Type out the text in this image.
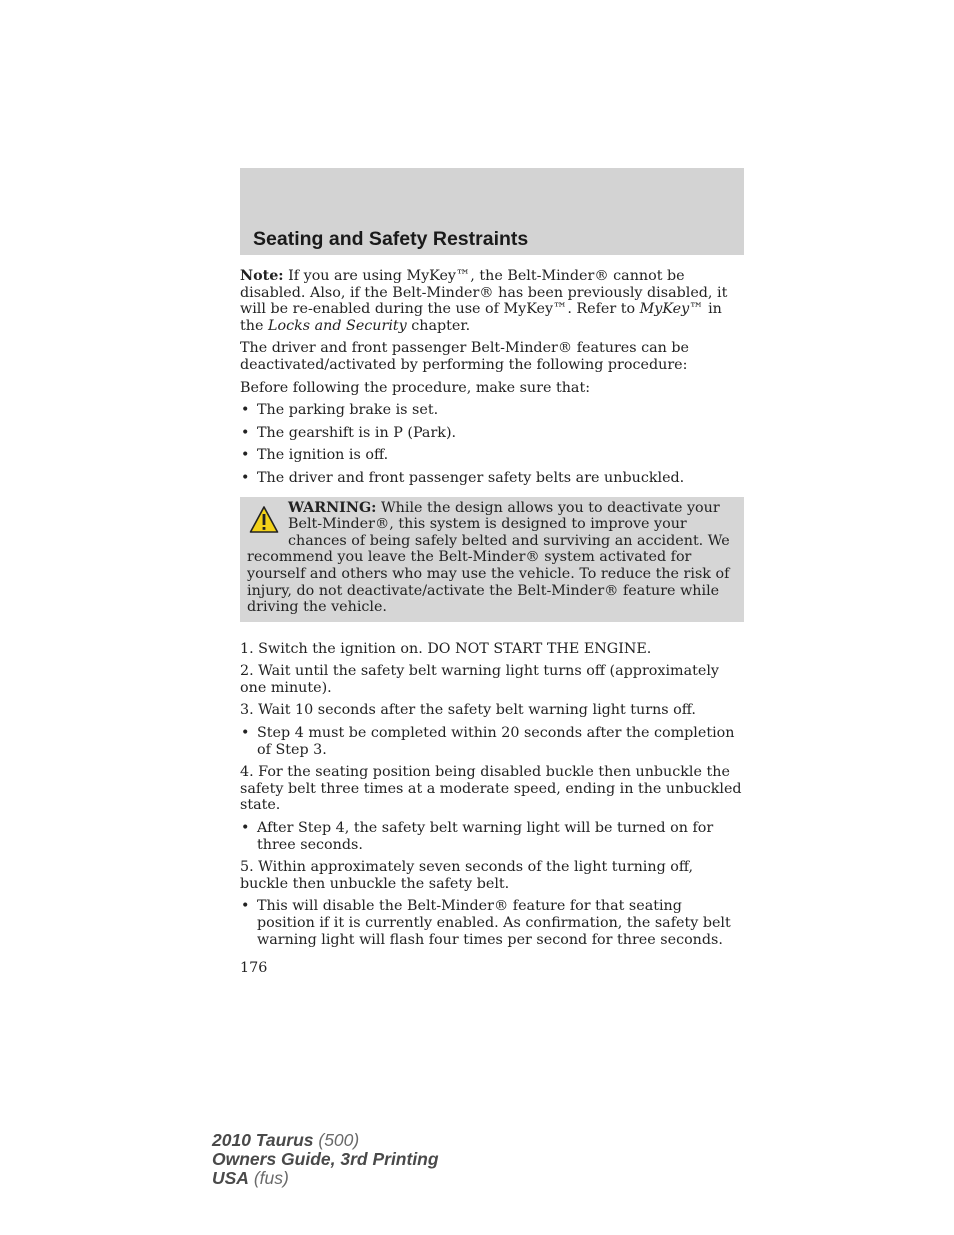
Seating and Safety Restraints

Note: If you are using MyKey™, the Belt-Minder® cannot be disabled. Also, if the Belt-Minder® has been previously disabled, it will be re-enabled during the use of MyKey™. Refer to MyKey™ in the Locks and Security chapter.

The driver and front passenger Belt-Minder® features can be deactivated/activated by performing the following procedure:

Before following the procedure, make sure that:

• The parking brake is set.
• The gearshift is in P (Park).
• The ignition is off.
• The driver and front passenger safety belts are unbuckled.
WARNING: While the design allows you to deactivate your Belt-Minder®, this system is designed to improve your chances of being safely belted and surviving an accident. We recommend you leave the Belt-Minder® system activated for yourself and others who may use the vehicle. To reduce the risk of injury, do not deactivate/activate the Belt-Minder® feature while driving the vehicle.

1. Switch the ignition on. DO NOT START THE ENGINE.

2. Wait until the safety belt warning light turns off (approximately one minute).

3. Wait 10 seconds after the safety belt warning light turns off.

• Step 4 must be completed within 20 seconds after the completion of Step 3.

4. For the seating position being disabled buckle then unbuckle the safety belt three times at a moderate speed, ending in the unbuckled state.

• After Step 4, the safety belt warning light will be turned on for three seconds.

5. Within approximately seven seconds of the light turning off, buckle then unbuckle the safety belt.

• This will disable the Belt-Minder® feature for that seating position if it is currently enabled. As confirmation, the safety belt warning light will flash four times per second for three seconds.
176
2010 Taurus (500)
Owners Guide, 3rd Printing
USA (fus)
